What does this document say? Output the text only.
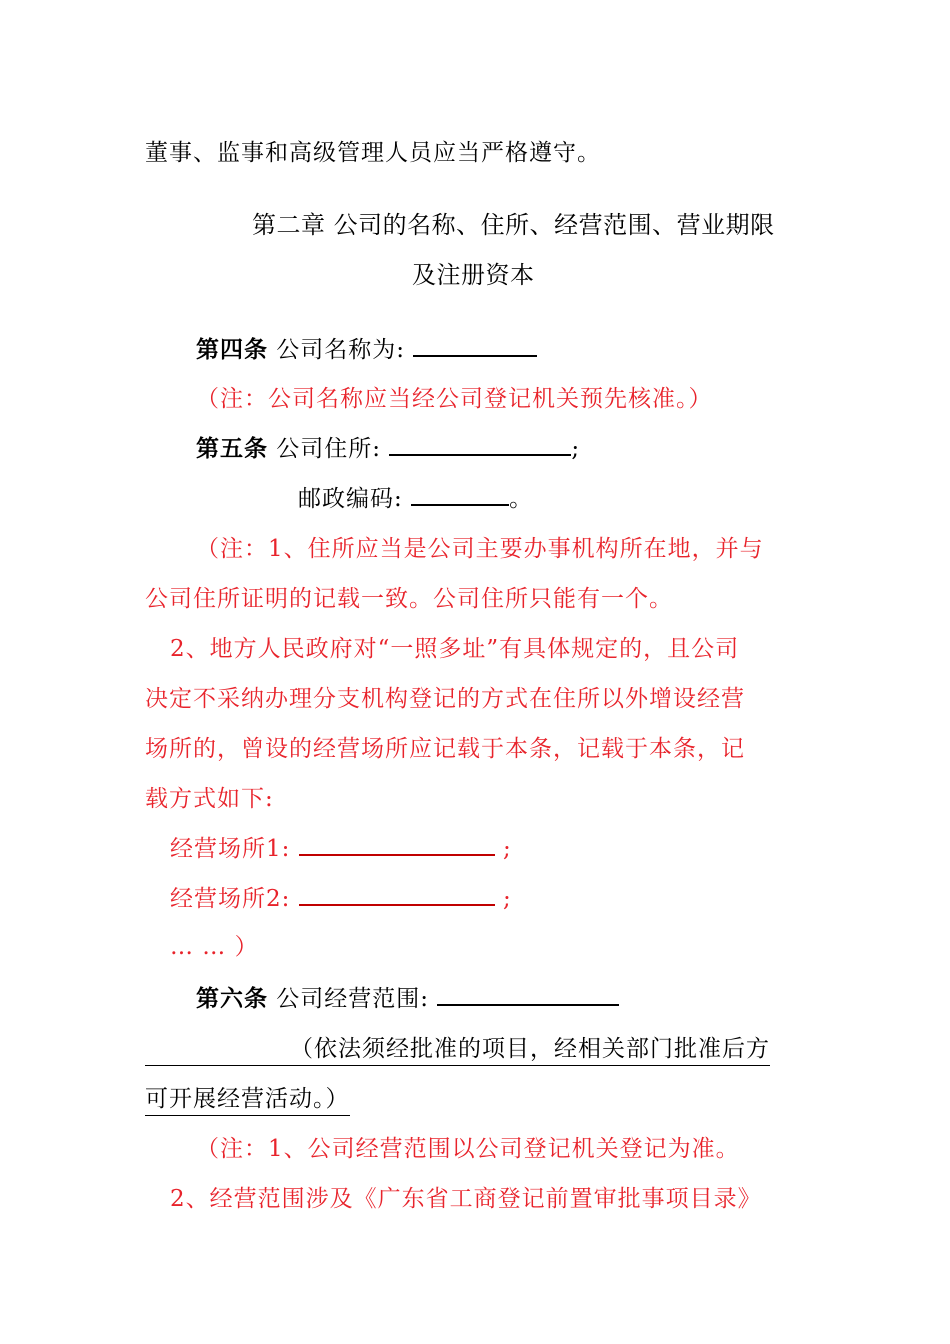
董事、监事和高级管理人员应当严格遵守。
第二章 公司的名称、住所、经营范围、营业期限
及注册资本
第四条 公司名称为:
（注：公司名称应当经公司登记机关预先核准。）
第五条 公司住所:	;
邮政编码:	。
（注：1、住所应当是公司主要办事机构所在地，并与
公司住所证明的记载一致。公司住所只能有一个。
2、地方人民政府对“一照多址”有具体规定的，且公司
决定不采纳办理分支机构登记的方式在住所以外增设经营
场所的，曾设的经营场所应记载于本条，记载于本条，记
载方式如下:
经营场所1:	;
经营场所2:	;
… … ）
第六条 公司经营范围:
（依法须经批准的项目，经相关部门批准后方
可开展经营活动。）
（注：1、公司经营范围以公司登记机关登记为准。
2、经营范围涉及《广东省工商登记前置审批事项目录》
